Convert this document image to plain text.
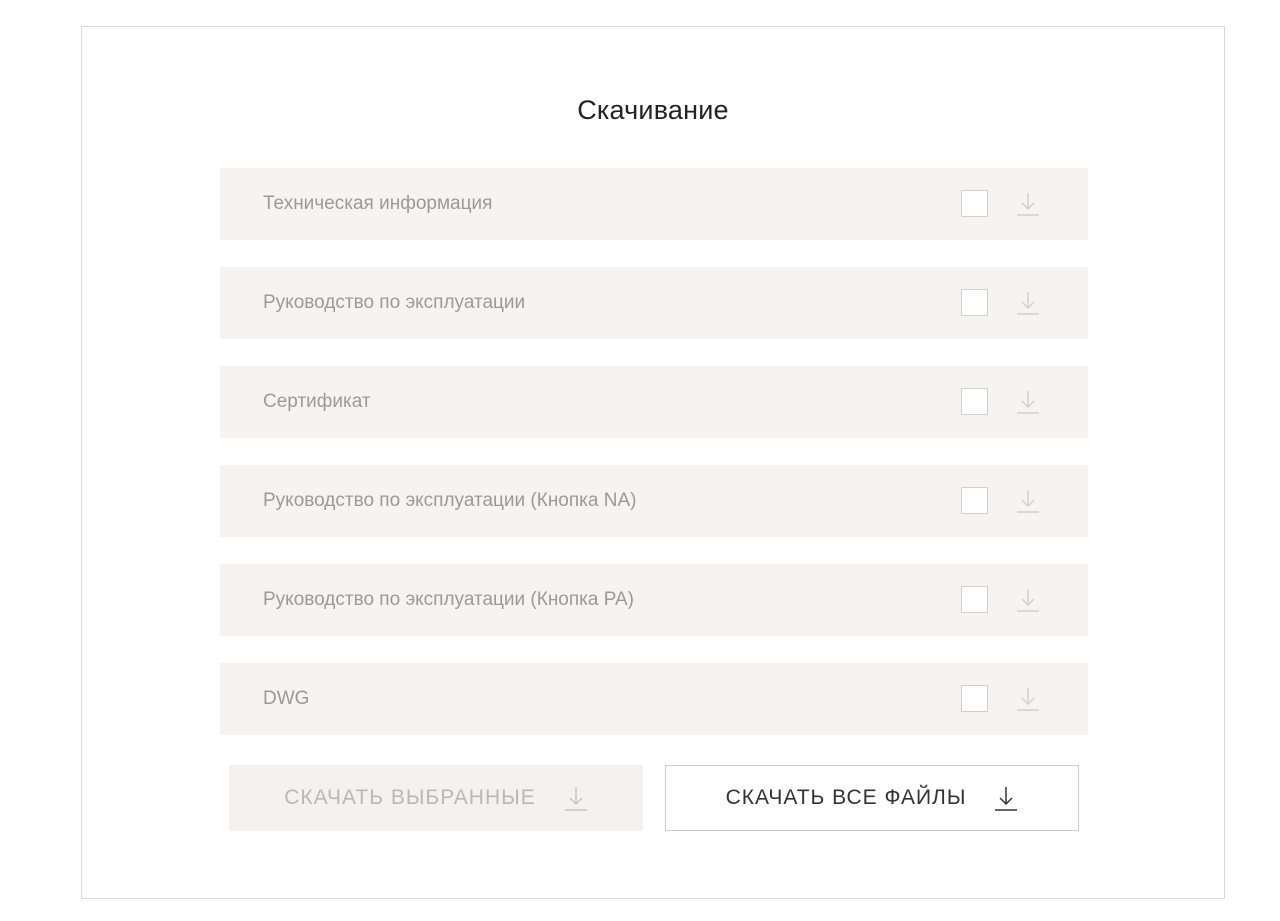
Скачивание
Техническая информация
Руководство по эксплуатации
Сертификат
Руководство по эксплуатации (Кнопка NA)
Руководство по эксплуатации (Кнопка PA)
DWG
СКАЧАТЬ ВЫБРАННЫЕ	СКАЧАТЬ ВСЕ ФАЙЛЫ
